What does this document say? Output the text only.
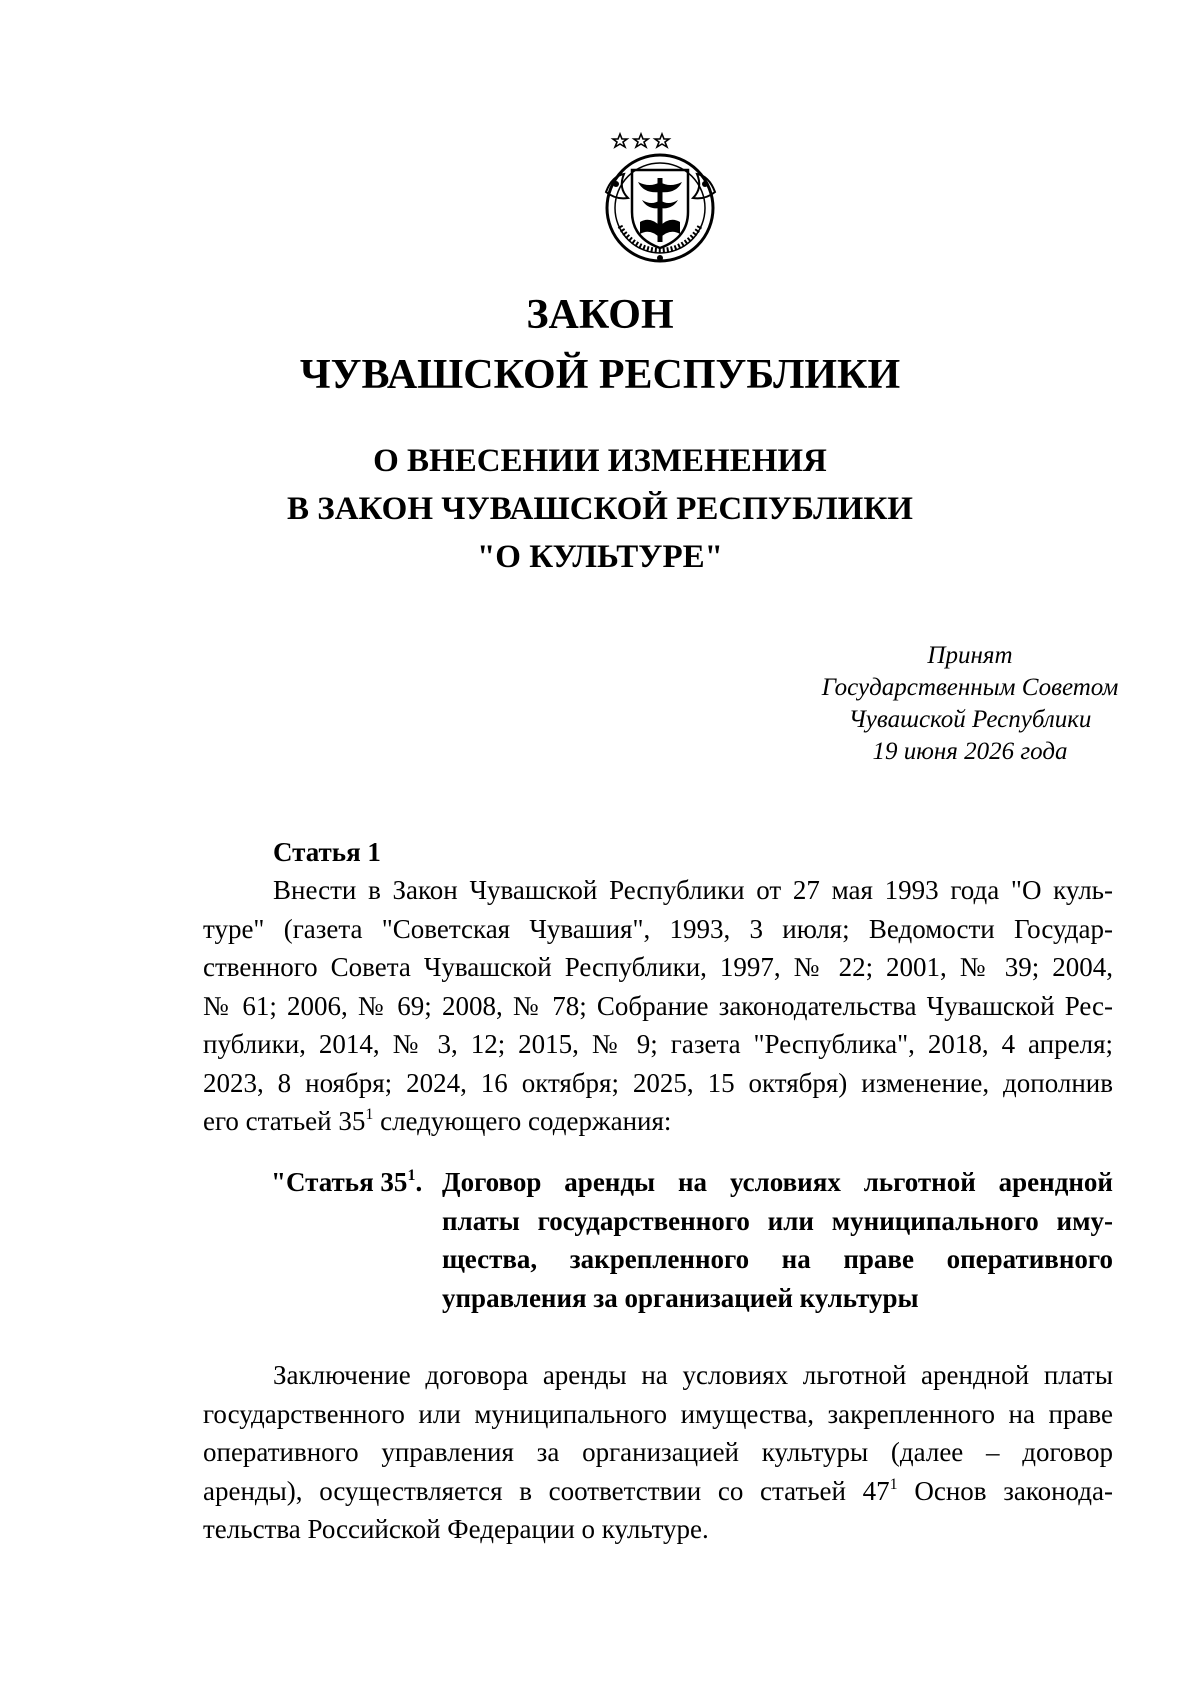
ЗАКОН
ЧУВАШСКОЙ РЕСПУБЛИКИ
О ВНЕСЕНИИ ИЗМЕНЕНИЯ
В ЗАКОН ЧУВАШСКОЙ РЕСПУБЛИКИ
"О КУЛЬТУРЕ"
Принят
Государственным Советом
Чувашской Республики
19 июня 2026 года
Статья 1
Внести в Закон Чувашской Республики от 27 мая 1993 года "О куль-
туре" (газета "Советская Чувашия", 1993, 3 июля; Ведомости Государ-
ственного Совета Чувашской Республики, 1997, № 22; 2001, № 39; 2004,
№ 61; 2006, № 69; 2008, № 78; Собрание законодательства Чувашской Рес-
публики, 2014, № 3, 12; 2015, № 9; газета "Республика", 2018, 4 апреля;
2023, 8 ноября; 2024, 16 октября; 2025, 15 октября) изменение, дополнив
его статьей $35^1$ следующего содержания:
"Статья $35^1$. Договор аренды на условиях льготной арендной
платы государственного или муниципального иму-
щества, закрепленного на праве оперативного
управления за организацией культуры
Заключение договора аренды на условиях льготной арендной платы
государственного или муниципального имущества, закрепленного на праве
оперативного управления за организацией культуры (далее – договор
аренды), осуществляется в соответствии со статьей $47^1$ Основ законода-
тельства Российской Федерации о культуре.
